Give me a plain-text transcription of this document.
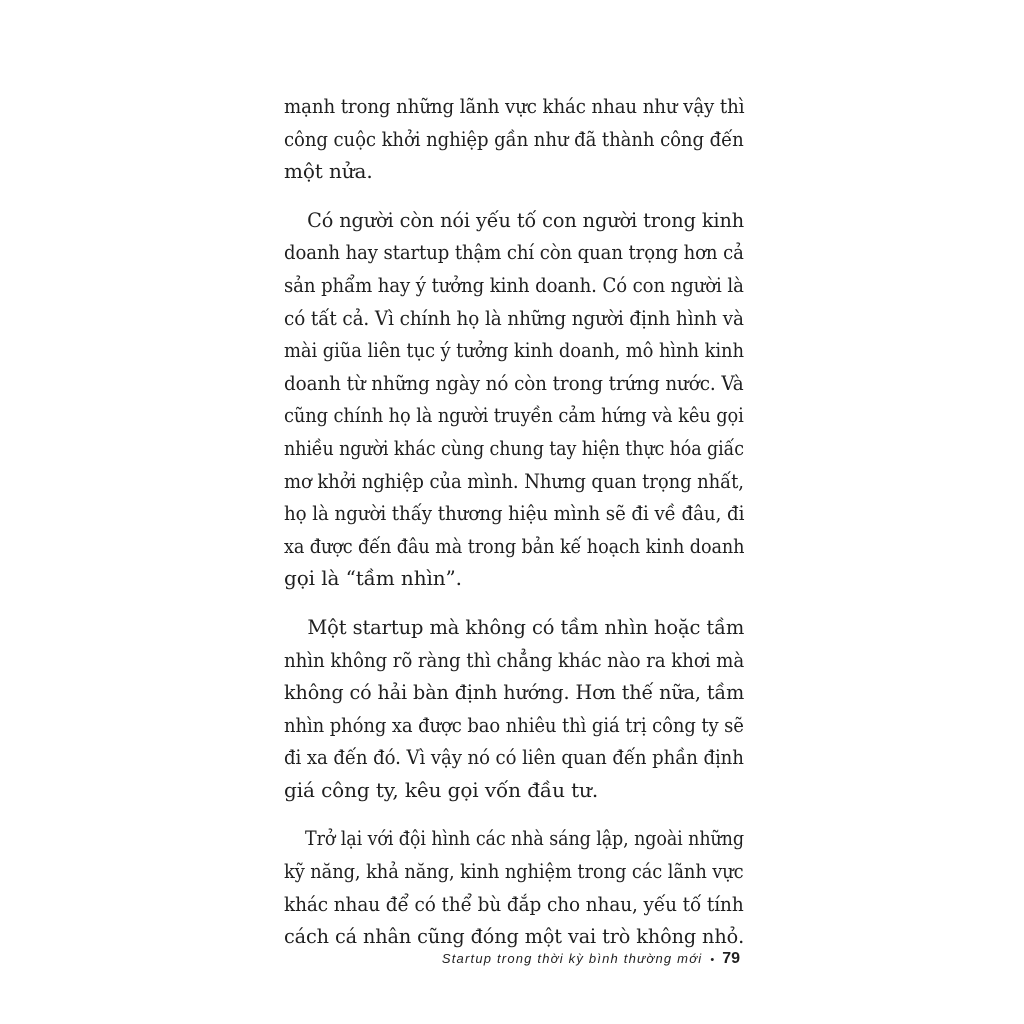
mạnh trong những lãnh vực khác nhau như vậy thì
công cuộc khởi nghiệp gần như đã thành công đến
một nửa.

Có người còn nói yếu tố con người trong kinh
doanh hay startup thậm chí còn quan trọng hơn cả
sản phẩm hay ý tưởng kinh doanh. Có con người là
có tất cả. Vì chính họ là những người định hình và
mài giũa liên tục ý tưởng kinh doanh, mô hình kinh
doanh từ những ngày nó còn trong trứng nước. Và
cũng chính họ là người truyền cảm hứng và kêu gọi
nhiều người khác cùng chung tay hiện thực hóa giấc
mơ khởi nghiệp của mình. Nhưng quan trọng nhất,
họ là người thấy thương hiệu mình sẽ đi về đâu, đi
xa được đến đâu mà trong bản kế hoạch kinh doanh
gọi là “tầm nhìn”.

Một startup mà không có tầm nhìn hoặc tầm
nhìn không rõ ràng thì chẳng khác nào ra khơi mà
không có hải bàn định hướng. Hơn thế nữa, tầm
nhìn phóng xa được bao nhiêu thì giá trị công ty sẽ
đi xa đến đó. Vì vậy nó có liên quan đến phần định
giá công ty, kêu gọi vốn đầu tư.

Trở lại với đội hình các nhà sáng lập, ngoài những
kỹ năng, khả năng, kinh nghiệm trong các lãnh vực
khác nhau để có thể bù đắp cho nhau, yếu tố tính
cách cá nhân cũng đóng một vai trò không nhỏ.

Startup trong thời kỳ bình thường mới • 79
